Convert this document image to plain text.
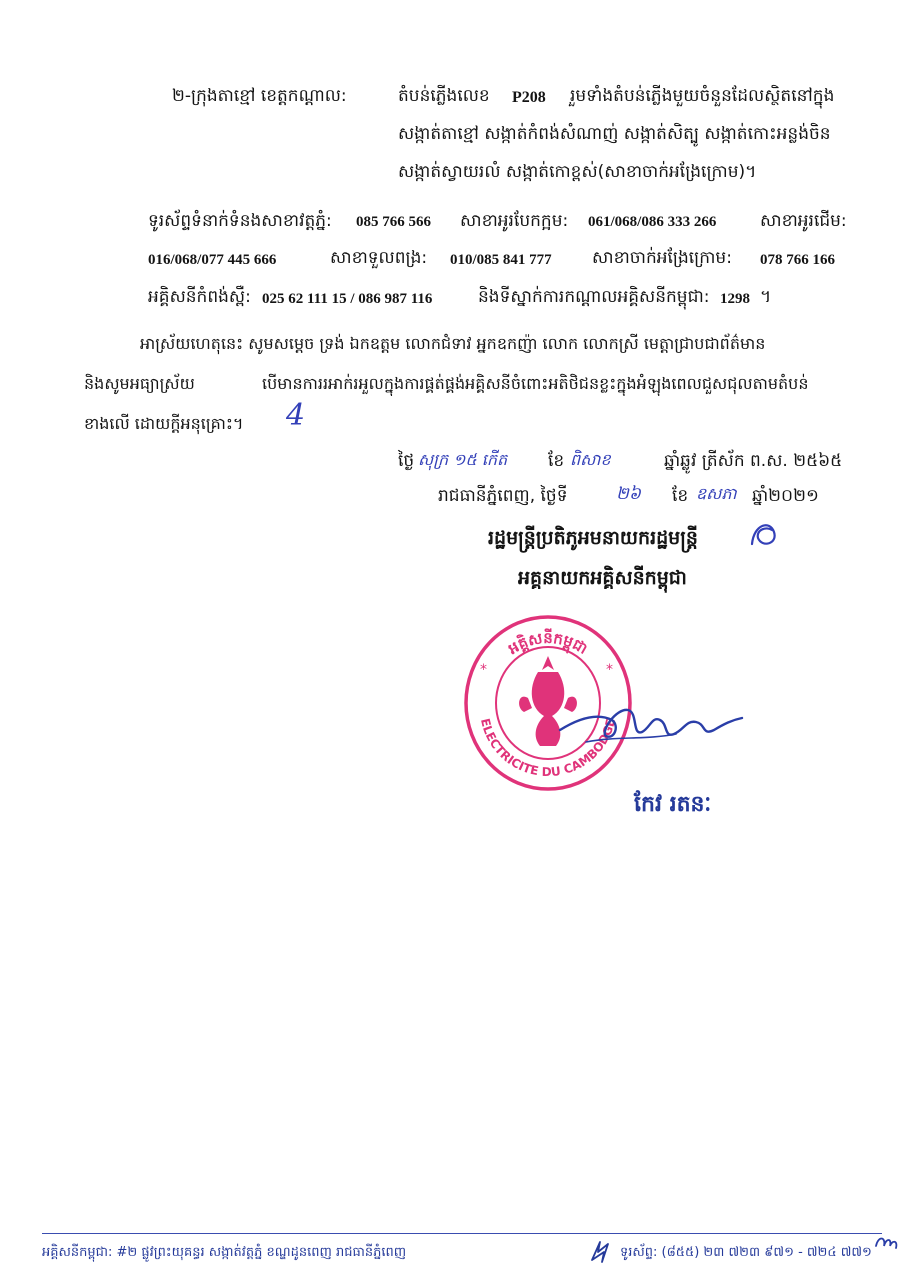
២-ក្រុងតាខ្មៅ ខេត្តកណ្តាល:	តំបន់ភ្លើងលេខ P208 រួមទាំងតំបន់ភ្លើងមួយចំនួនដែលស្ថិតនៅក្នុង
សង្កាត់តាខ្មៅ សង្កាត់កំពង់សំណាញ់ សង្កាត់សិត្បូ សង្កាត់កោះអន្លង់ចិន
សង្កាត់ស្វាយរលំ សង្កាត់កោខ្ពស់(សាខាចាក់អង្រែក្រោម)។
ទូរស័ព្ទទំនាក់ទំនងសាខាវត្តភ្នំ: 085 766 566 សាខាអូរបែកក្អម: 061/068/086 333 266	សាខាអូរជើម:
016/068/077 445 666	សាខាទួលពង្រ: 010/085 841 777 សាខាចាក់អង្រែក្រោម: 078 766 166
អគ្គិសនីកំពង់ស្ពឺ: 025 62 111 15 / 086 987 116	និងទីស្នាក់ការកណ្តាលអគ្គិសនីកម្ពុជា: 1298 ។
អាស្រ័យហេតុនេះ សូមសម្តេច ទ្រង់ ឯកឧត្តម លោកជំទាវ អ្នកឧកញ៉ា លោក លោកស្រី មេត្តាជ្រាបជាព័ត៌មាន
និងសូមអធ្យាស្រ័យ	បើមានការរអាក់រអួលក្នុងការផ្គត់ផ្គង់អគ្គិសនីចំពោះអតិថិជនខ្លះក្នុងអំឡុងពេលជួសជុលតាមតំបន់
ខាងលើ ដោយក្តីអនុគ្រោះ។ 4
ថ្ងៃ សុក្រ ១៥ កើត ខែ ពិសាខ	ឆ្នាំឆ្លូវ ត្រីស័ក ព.ស. ២៥៦៥
រាជធានីភ្នំពេញ, ថ្ងៃទី	២៦ ខែ ឧសភា ឆ្នាំ២០២១
រដ្ឋមន្ត្រីប្រតិភូអមនាយករដ្ឋមន្ត្រី
អគ្គនាយកអគ្គិសនីកម្ពុជា
អគ្គិសនីកម្ពុជា
ELECTRICITE DU CAMBODGE
*	*
កែវ រតនៈ
អគ្គិសនីកម្ពុជា: #២ ផ្លូវព្រះយុគន្ធរ សង្កាត់វត្តភ្នំ ខណ្ឌដូនពេញ រាជធានីភ្នំពេញ	ទូរស័ព្ទ: (៨៥៥) ២៣ ៧២៣ ៩៧១ - ៧២៤ ៧៧១
